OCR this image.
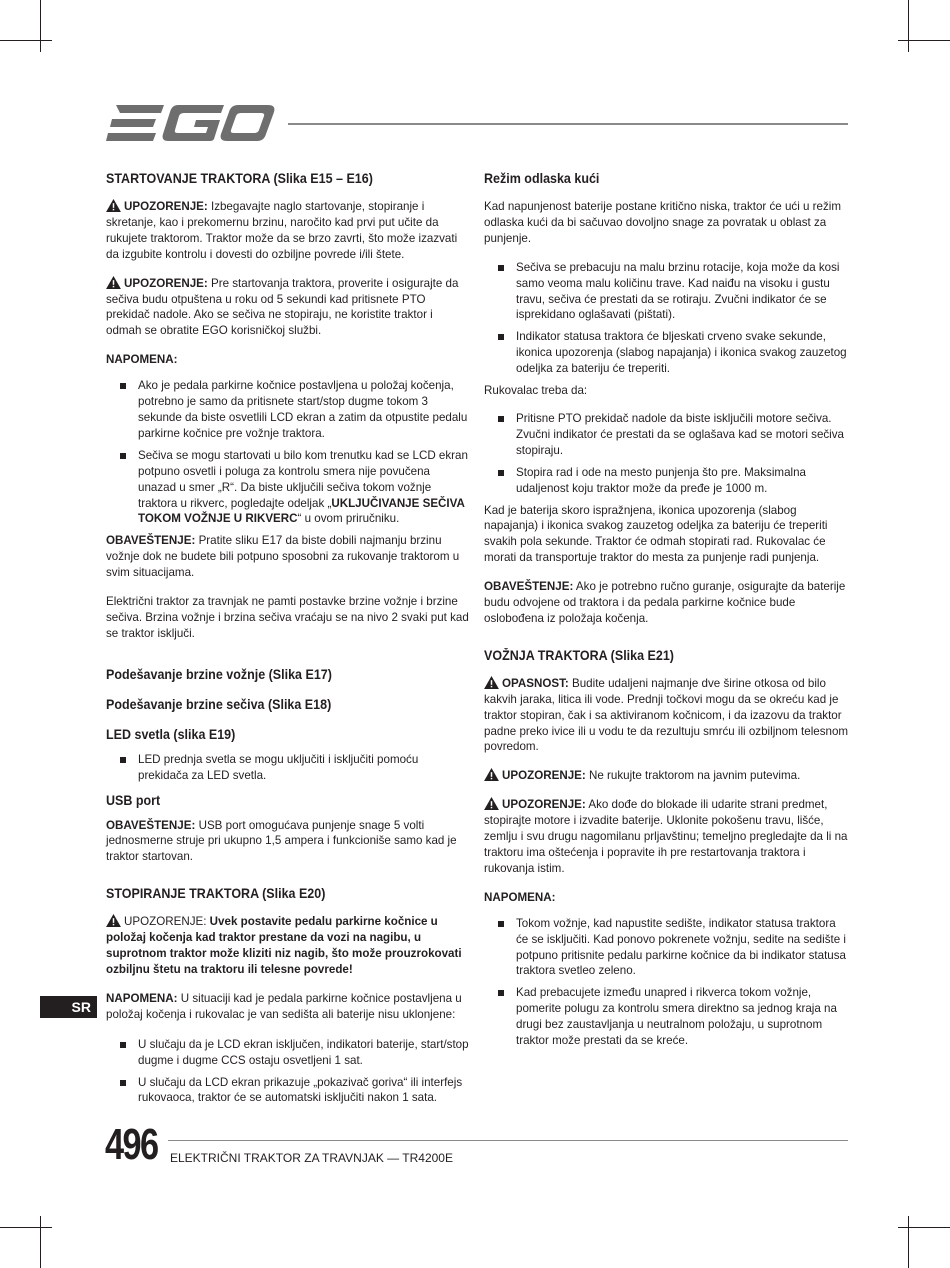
STARTOVANJE TRAKTORA (Slika E15 – E16)

UPOZORENJE: Izbegavajte naglo startovanje, stopiranje i skretanje, kao i prekomernu brzinu, naročito kad prvi put učite da rukujete traktorom. Traktor može da se brzo zavrti, što može izazvati da izgubite kontrolu i dovesti do ozbiljne povrede i/ili štete.

UPOZORENJE: Pre startovanja traktora, proverite i osigurajte da sečiva budu otpuštena u roku od 5 sekundi kad pritisnete PTO prekidač nadole. Ako se sečiva ne stopiraju, ne koristite traktor i odmah se obratite EGO korisničkoj službi.

NAPOMENA:

Ako je pedala parkirne kočnice postavljena u položaj kočenja, potrebno je samo da pritisnete start/stop dugme tokom 3 sekunde da biste osvetlili LCD ekran a zatim da otpustite pedalu parkirne kočnice pre vožnje traktora.
Sečiva se mogu startovati u bilo kom trenutku kad se LCD ekran potpuno osvetli i poluga za kontrolu smera nije povučena unazad u smer „R“. Da biste uključili sečiva tokom vožnje traktora u rikverc, pogledajte odeljak „UKLJUČIVANJE SEČIVA TOKOM VOŽNJE U RIKVERC“ u ovom priručniku.

OBAVEŠTENJE: Pratite sliku E17 da biste dobili najmanju brzinu vožnje dok ne budete bili potpuno sposobni za rukovanje traktorom u svim situacijama.

Električni traktor za travnjak ne pamti postavke brzine vožnje i brzine sečiva. Brzina vožnje i brzina sečiva vraćaju se na nivo 2 svaki put kad se traktor isključi.

Podešavanje brzine vožnje (Slika E17)
Podešavanje brzine sečiva (Slika E18)
LED svetla (slika E19)
LED prednja svetla se mogu uključiti i isključiti pomoću prekidača za LED svetla.
USB port

OBAVEŠTENJE: USB port omogućava punjenje snage 5 volti jednosmerne struje pri ukupno 1,5 ampera i funkcioniše samo kad je traktor startovan.

STOPIRANJE TRAKTORA (Slika E20)

UPOZORENJE: Uvek postavite pedalu parkirne kočnice u položaj kočenja kad traktor prestane da vozi na nagibu, u suprotnom traktor može kliziti niz nagib, što može prouzrokovati ozbiljnu štetu na traktoru ili telesne povrede!

NAPOMENA: U situaciji kad je pedala parkirne kočnice postavljena u položaj kočenja i rukovalac je van sedišta ali baterije nisu uklonjene:

U slučaju da je LCD ekran isključen, indikatori baterije, start/stop dugme i dugme CCS ostaju osvetljeni 1 sat.
U slučaju da LCD ekran prikazuje „pokazivač goriva“ ili interfejs rukovaoca, traktor će se automatski isključiti nakon 1 sata.
Režim odlaska kući

Kad napunjenost baterije postane kritično niska, traktor će ući u režim odlaska kući da bi sačuvao dovoljno snage za povratak u oblast za punjenje.

Sečiva se prebacuju na malu brzinu rotacije, koja može da kosi samo veoma malu količinu trave. Kad naiđu na visoku i gustu travu, sečiva će prestati da se rotiraju. Zvučni indikator će se isprekidano oglašavati (pištati).
Indikator statusa traktora će bljeskati crveno svake sekunde, ikonica upozorenja (slabog napajanja) i ikonica svakog zauzetog odeljka za bateriju će treperiti.

Rukovalac treba da:

Pritisne PTO prekidač nadole da biste isključili motore sečiva. Zvučni indikator će prestati da se oglašava kad se motori sečiva stopiraju.
Stopira rad i ode na mesto punjenja što pre. Maksimalna udaljenost koju traktor može da pređe je 1000 m.

Kad je baterija skoro ispražnjena, ikonica upozorenja (slabog napajanja) i ikonica svakog zauzetog odeljka za bateriju će treperiti svakih pola sekunde. Traktor će odmah stopirati rad. Rukovalac će morati da transportuje traktor do mesta za punjenje radi punjenja.

OBAVEŠTENJE: Ako je potrebno ručno guranje, osigurajte da baterije budu odvojene od traktora i da pedala parkirne kočnice bude oslobođena iz položaja kočenja.

VOŽNJA TRAKTORA (Slika E21)

OPASNOST: Budite udaljeni najmanje dve širine otkosa od bilo kakvih jaraka, litica ili vode. Prednji točkovi mogu da se okreću kad je traktor stopiran, čak i sa aktiviranom kočnicom, i da izazovu da traktor padne preko ivice ili u vodu te da rezultuju smrću ili ozbiljnom telesnom povredom.

UPOZORENJE: Ne rukujte traktorom na javnim putevima.

UPOZORENJE: Ako dođe do blokade ili udarite strani predmet, stopirajte motore i izvadite baterije. Uklonite pokošenu travu, lišće, zemlju i svu drugu nagomilanu prljavštinu; temeljno pregledajte da li na traktoru ima oštećenja i popravite ih pre restartovanja traktora i rukovanja istim.

NAPOMENA:

Tokom vožnje, kad napustite sedište, indikator statusa traktora će se isključiti. Kad ponovo pokrenete vožnju, sedite na sedište i potpuno pritisnite pedalu parkirne kočnice da bi indikator statusa traktora svetleo zeleno.
Kad prebacujete između unapred i rikverca tokom vožnje, pomerite polugu za kontrolu smera direktno sa jednog kraja na drugi bez zaustavljanja u neutralnom položaju, u suprotnom traktor može prestati da se kreće.
SR
496 ELEKTRIČNI TRAKTOR ZA TRAVNJAK — TR4200E
